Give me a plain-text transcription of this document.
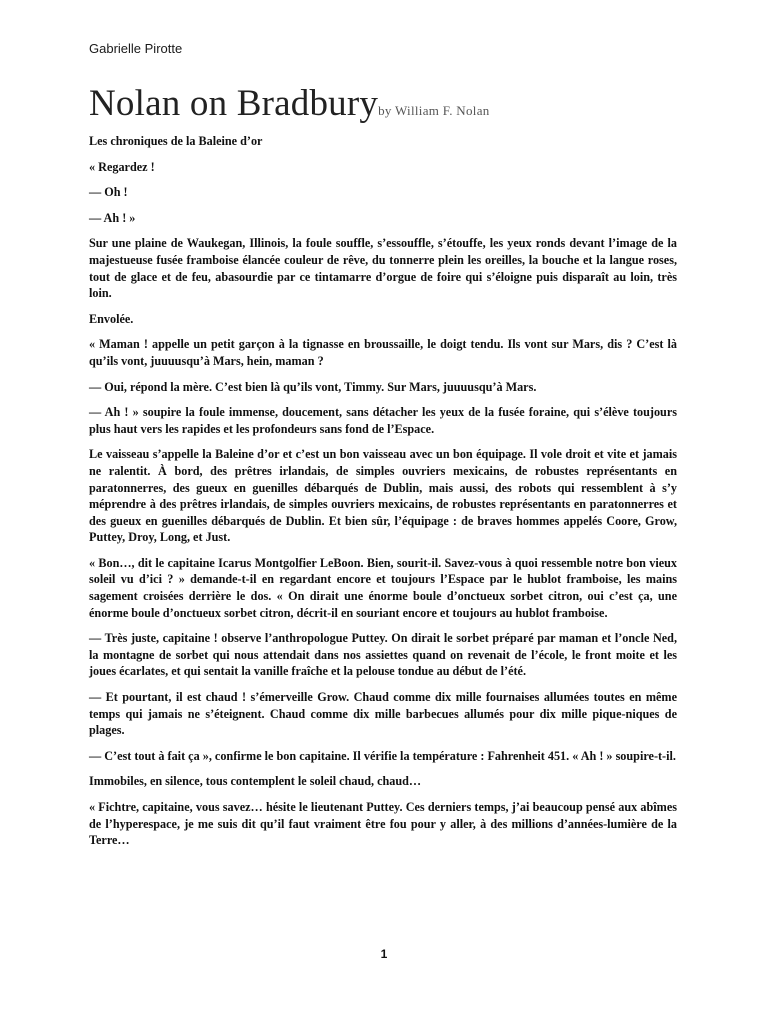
Gabrielle Pirotte
Nolan on Bradburyby William F. Nolan

Les chroniques de la Baleine d’or

« Regardez !

— Oh !

— Ah ! »

Sur une plaine de Waukegan, Illinois, la foule souffle, s’essouffle, s’étouffe, les yeux ronds devant l’image de la majestueuse fusée framboise élancée couleur de rêve, du tonnerre plein les oreilles, la bouche et la langue roses, tout de glace et de feu, abasourdie par ce tintamarre d’orgue de foire qui s’éloigne puis disparaît au loin, très loin.

Envolée.

« Maman ! appelle un petit garçon à la tignasse en broussaille, le doigt tendu. Ils vont sur Mars, dis ? C’est là qu’ils vont, juuuusqu’à Mars, hein, maman ?

— Oui, répond la mère. C’est bien là qu’ils vont, Timmy. Sur Mars, juuuusqu’à Mars.

— Ah ! » soupire la foule immense, doucement, sans détacher les yeux de la fusée foraine, qui s’élève toujours plus haut vers les rapides et les profondeurs sans fond de l’Espace.

Le vaisseau s’appelle la Baleine d’or et c’est un bon vaisseau avec un bon équipage. Il vole droit et vite et jamais ne ralentit. À bord, des prêtres irlandais, de simples ouvriers mexicains, de robustes représentants en paratonnerres, des gueux en guenilles débarqués de Dublin, mais aussi, des robots qui ressemblent à s’y méprendre à des prêtres irlandais, de simples ouvriers mexicains, de robustes représentants en paratonnerres et des gueux en guenilles débarqués de Dublin. Et bien sûr, l’équipage : de braves hommes appelés Coore, Grow, Puttey, Droy, Long, et Just.

« Bon…, dit le capitaine Icarus Montgolfier LeBoon. Bien, sourit-il. Savez-vous à quoi ressemble notre bon vieux soleil vu d’ici ? » demande-t-il en regardant encore et toujours l’Espace par le hublot framboise, les mains sagement croisées derrière le dos. « On dirait une énorme boule d’onctueux sorbet citron, oui c’est ça, une énorme boule d’onctueux sorbet citron, décrit-il en souriant encore et toujours au hublot framboise.

— Très juste, capitaine ! observe l’anthropologue Puttey. On dirait le sorbet préparé par maman et l’oncle Ned, la montagne de sorbet qui nous attendait dans nos assiettes quand on revenait de l’école, le front moite et les joues écarlates, et qui sentait la vanille fraîche et la pelouse tondue au début de l’été.

— Et pourtant, il est chaud ! s’émerveille Grow. Chaud comme dix mille fournaises allumées toutes en même temps qui jamais ne s’éteignent. Chaud comme dix mille barbecues allumés pour dix mille pique-niques de plages.

— C’est tout à fait ça », confirme le bon capitaine. Il vérifie la température : Fahrenheit 451. « Ah ! » soupire-t-il.

Immobiles, en silence, tous contemplent le soleil chaud, chaud…

« Fichtre, capitaine, vous savez… hésite le lieutenant Puttey. Ces derniers temps, j’ai beaucoup pensé aux abîmes de l’hyperespace, je me suis dit qu’il faut vraiment être fou pour y aller, à des millions d’années-lumière de la Terre…

1
